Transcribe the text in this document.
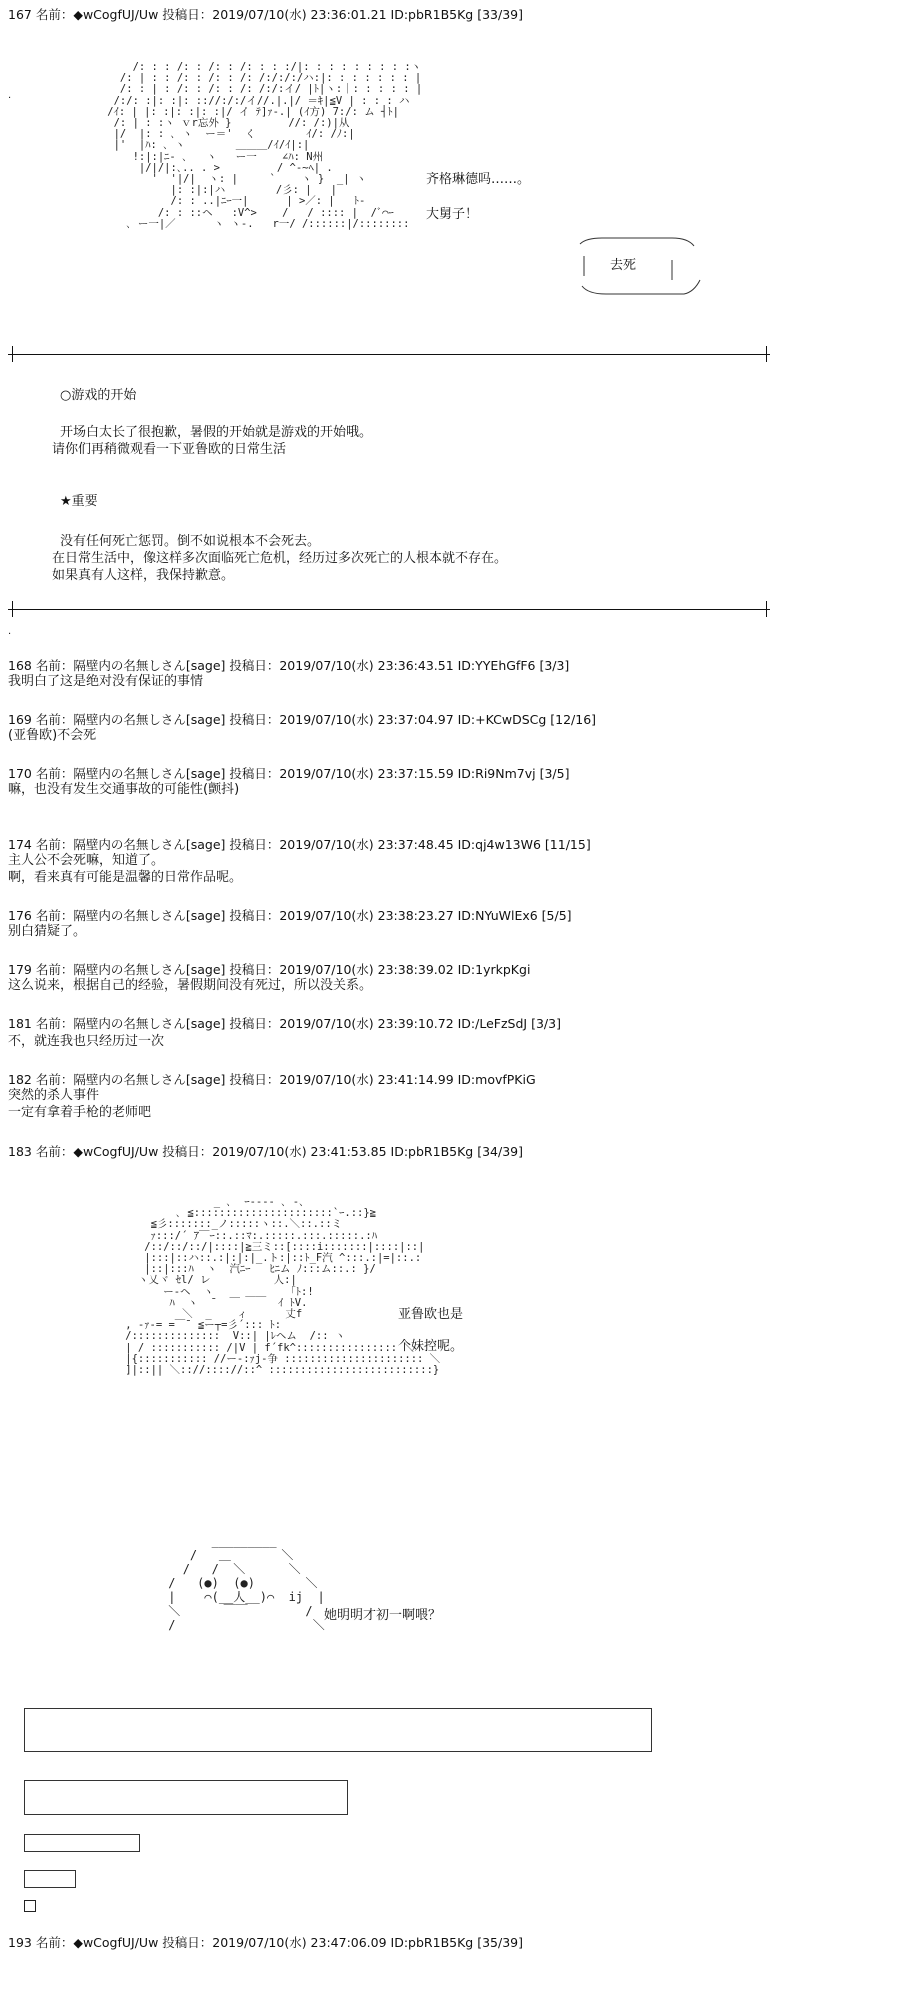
167 名前：◆wCogfUJ/Uw 投稿日：2019/07/10(水) 23:36:01.21 ID:pbR1B5Kg [33/39]
.
/: : : /: : /: : /: : : :/|: : : : : : : : :ヽ
/: | : : /: : /: : /: /:/:/:/ハ:|: : : : : : : |
/: : | : /: : /: : /: /:/:イ/ |ﾄ|ヽ:｜: : : : : |
/:/: :|: :|: :://:/:/イ//.|.|/ ＝ｷ|≦V | : : : ハ
/ｲ: | |: :|: :|: :|/ イ ﾃ]ｧ-.| (ｲ方) 7:/: ム ┤ﾄ|
/: | : :ヽ ｖr忘外 }         //: /:)|从
|/  |: : ､ ヽ  ー＝'  く        ｲ/: /ﾉ:|
|'  |ﾊ: ､ ヽ        ＿＿＿/ｲ/ｲ|:|
!:|:|ﾆ- ､   ヽ   ー一    ∠ﾊ: N州
|/|/|:､.. . >         / ^-~ﾍ| .
'  '|/|  ヽ: |     `    ヽ }  _| ヽ
|: :|:|ハ        /彡: |   |
/: : ..|ﾆｰ一|      | >／: |   ﾄ-
/: : ::ヘ   :V^>    /   / :::: |  /ﾞ⌒ｰ
､ ー一|／      ヽ ヽ-.   r一/ /::::::|/::::::::
齐格琳德吗……。
大舅子！
去死
○游戏的开始
开场白太长了很抱歉，暑假的开始就是游戏的开始哦。
请你们再稍微观看一下亚鲁欧的日常生活
★重要
没有任何死亡惩罚。倒不如说根本不会死去。
在日常生活中，像这样多次面临死亡危机，经历过多次死亡的人根本就不存在。
如果真有人这样，我保持歉意。
.
168 名前：隔壁内の名無しさん[sage] 投稿日：2019/07/10(水) 23:36:43.51 ID:YYEhGfF6 [3/3]
我明白了这是绝对没有保证的事情
169 名前：隔壁内の名無しさん[sage] 投稿日：2019/07/10(水) 23:37:04.97 ID:+KCwDSCg [12/16]
(亚鲁欧)不会死
170 名前：隔壁内の名無しさん[sage] 投稿日：2019/07/10(水) 23:37:15.59 ID:Ri9Nm7vj [3/5]
嘛，也没有发生交通事故的可能性(颤抖)
174 名前：隔壁内の名無しさん[sage] 投稿日：2019/07/10(水) 23:37:48.45 ID:qj4w13W6 [11/15]
主人公不会死嘛，知道了。
啊，看来真有可能是温馨的日常作品呢。
176 名前：隔壁内の名無しさん[sage] 投稿日：2019/07/10(水) 23:38:23.27 ID:NYuWlEx6 [5/5]
别白猜疑了。
179 名前：隔壁内の名無しさん[sage] 投稿日：2019/07/10(水) 23:38:39.02 ID:1yrkpKgi
这么说来，根据自己的经验，暑假期间没有死过，所以没关系。
181 名前：隔壁内の名無しさん[sage] 投稿日：2019/07/10(水) 23:39:10.72 ID:/LeFzSdJ [3/3]
不，就连我也只经历过一次
182 名前：隔壁内の名無しさん[sage] 投稿日：2019/07/10(水) 23:41:14.99 ID:movfPKiG
突然的杀人事件
一定有拿着手枪的老师吧
183 名前：◆wCogfUJ/Uw 投稿日：2019/07/10(水) 23:41:53.85 ID:pbR1B5Kg [34/39]
_ ､  ｰ-‐-- ､ -､
､ ≦::::::::::::::::::::::`ｰ.::}≧
≦彡:::::::_ノ:::::ヽ::.＼::.::ミ
ｧ:::/´ ｱ￣ｰ::.::ﾏ:.:::::.:::.:::::.:ﾊ
/::/::/::/|::::|≧三ミ::[::::i:::::::|::::|::|
|:::|::ハ::.:|:|:|_.ト:|::ﾄ_F汽 ^:::.:|=|::.:
|::|:::ﾊ  ヽ  汽ﾆｰ   ﾋﾆム ﾉ:::ム::.: }/
ヽ乂ヾ ｾl/ レ          人:|
ー-ヘ  ヽ     ＿＿   「ﾄ:!
ﾊ  ヽ  ¯  ￣      ｲ ﾄV.
＼  _    ィ      丈f
, -ｧ-= =￣¯ ≦ー┬=彡´::: ﾄ:
/::::::::::::::  V::| |ﾚヘム  /:: ヽ
| / ::::::::::: /|V | f´fk^:::::::::::::::: ＼
|{::::::::::: //ー-:ｧj-争 :::::::::::::::::::::: ＼
]|::|| ＼:://:::://::^ ::::::::::::::::::::::::::}
亚鲁欧也是
个妹控呢。
_________
/   ＿       ＼
/   /  ＼      ＼
/   (●)  (●)       ＼
|    ⌒(__人__)⌒  ij  |
＼      ￣￣        /
/                   ＼
她明明才初一啊喂？
193 名前：◆wCogfUJ/Uw 投稿日：2019/07/10(水) 23:47:06.09 ID:pbR1B5Kg [35/39]
